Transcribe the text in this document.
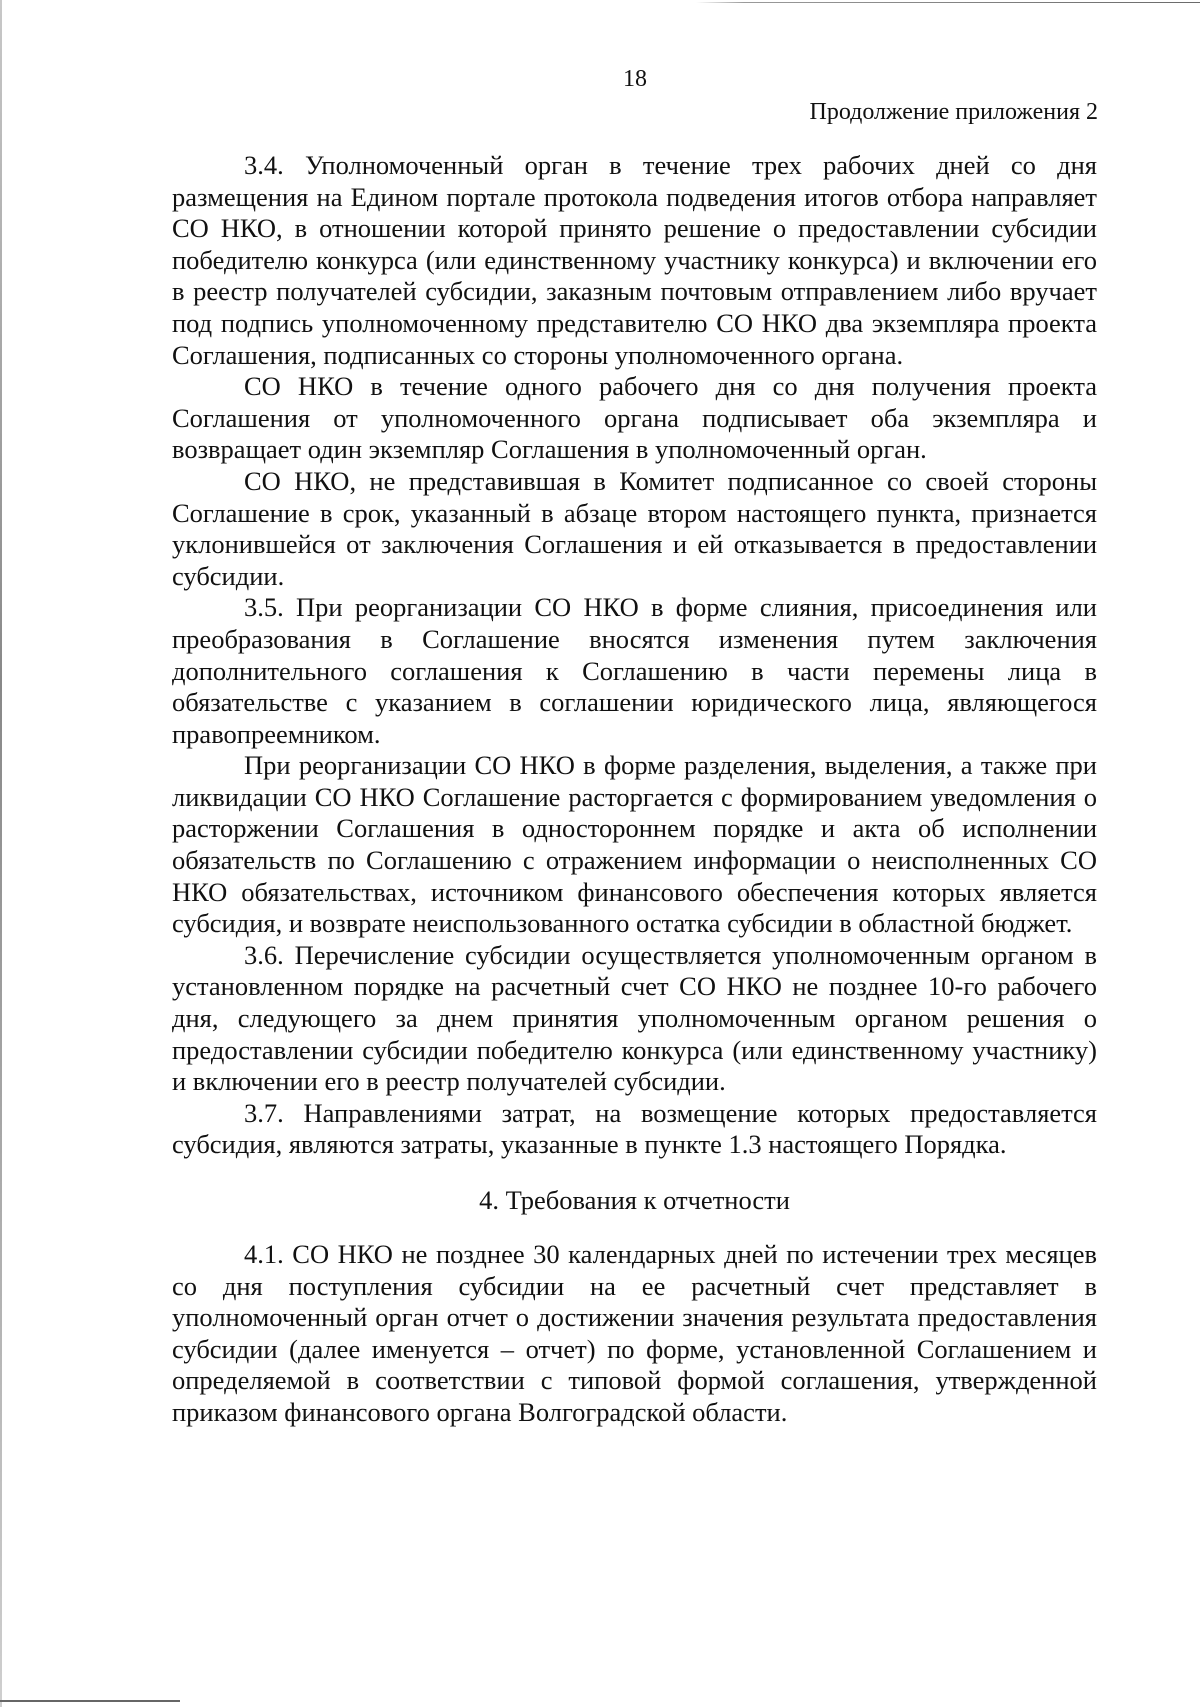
18
Продолжение приложения 2

3.4. Уполномоченный орган в течение трех рабочих дней со дня размещения на Едином портале протокола подведения итогов отбора направляет СО НКО, в отношении которой принято решение о предоставлении субсидии победителю конкурса (или единственному участнику конкурса) и включении его в реестр получателей субсидии, заказным почтовым отправлением либо вручает под подпись уполномоченному представителю СО НКО два экземпляра проекта Соглашения, подписанных со стороны уполномоченного органа.

СО НКО в течение одного рабочего дня со дня получения проекта Соглашения от уполномоченного органа подписывает оба экземпляра и возвращает один экземпляр Соглашения в уполномоченный орган.

СО НКО, не представившая в Комитет подписанное со своей стороны Соглашение в срок, указанный в абзаце втором настоящего пункта, признается уклонившейся от заключения Соглашения и ей отказывается в предоставлении субсидии.

3.5. При реорганизации СО НКО в форме слияния, присоединения или преобразования в Соглашение вносятся изменения путем заключения дополнительного соглашения к Соглашению в части перемены лица в обязательстве с указанием в соглашении юридического лица, являющегося правопреемником.

При реорганизации СО НКО в форме разделения, выделения, а также при ликвидации СО НКО Соглашение расторгается с формированием уведомления о расторжении Соглашения в одностороннем порядке и акта об исполнении обязательств по Соглашению с отражением информации о неисполненных СО НКО обязательствах, источником финансового обеспечения которых является субсидия, и возврате неиспользованного остатка субсидии в областной бюджет.

3.6. Перечисление субсидии осуществляется уполномоченным органом в установленном порядке на расчетный счет СО НКО не позднее 10-го рабочего дня, следующего за днем принятия уполномоченным органом решения о предоставлении субсидии победителю конкурса (или единственному участнику) и включении его в реестр получателей субсидии.

3.7. Направлениями затрат, на возмещение которых предоставляется субсидия, являются затраты, указанные в пункте 1.3 настоящего Порядка.

4. Требования к отчетности

4.1. СО НКО не позднее 30 календарных дней по истечении трех месяцев со дня поступления субсидии на ее расчетный счет представляет в уполномоченный орган отчет о достижении значения результата предоставления субсидии (далее именуется – отчет) по форме, установленной Соглашением и определяемой в соответствии с типовой формой соглашения, утвержденной приказом финансового органа Волгоградской области.
